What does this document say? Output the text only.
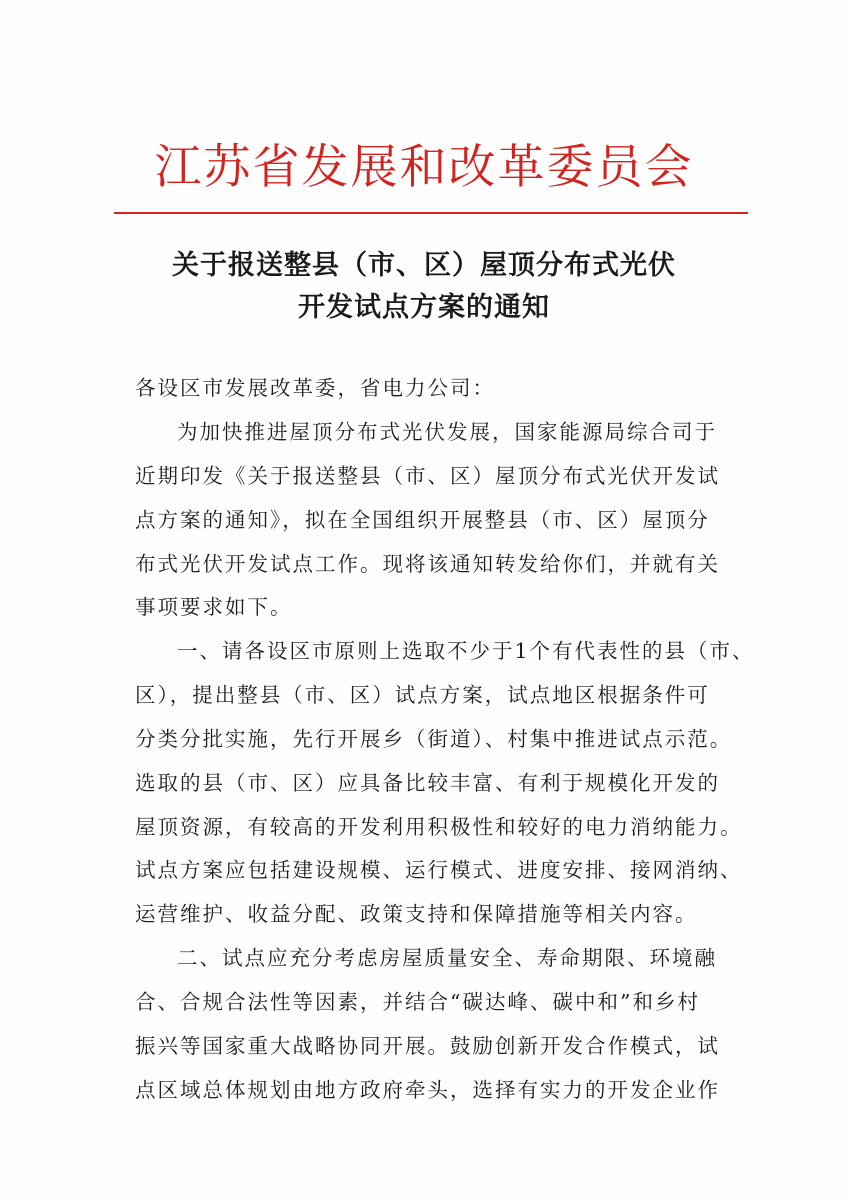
江苏省发展和改革委员会
关于报送整县（市、区）屋顶分布式光伏
开发试点方案的通知
各设区市发展改革委，省电力公司：
为加快推进屋顶分布式光伏发展，国家能源局综合司于
近期印发《关于报送整县（市、区）屋顶分布式光伏开发试
点方案的通知》，拟在全国组织开展整县（市、区）屋顶分
布式光伏开发试点工作。现将该通知转发给你们，并就有关
事项要求如下。
一、请各设区市原则上选取不少于1个有代表性的县（市、
区），提出整县（市、区）试点方案，试点地区根据条件可
分类分批实施，先行开展乡（街道）、村集中推进试点示范。
选取的县（市、区）应具备比较丰富、有利于规模化开发的
屋顶资源，有较高的开发利用积极性和较好的电力消纳能力。
试点方案应包括建设规模、运行模式、进度安排、接网消纳、
运营维护、收益分配、政策支持和保障措施等相关内容。
二、试点应充分考虑房屋质量安全、寿命期限、环境融
合、合规合法性等因素，并结合“碳达峰、碳中和”和乡村
振兴等国家重大战略协同开展。鼓励创新开发合作模式，试
点区域总体规划由地方政府牵头，选择有实力的开发企业作
